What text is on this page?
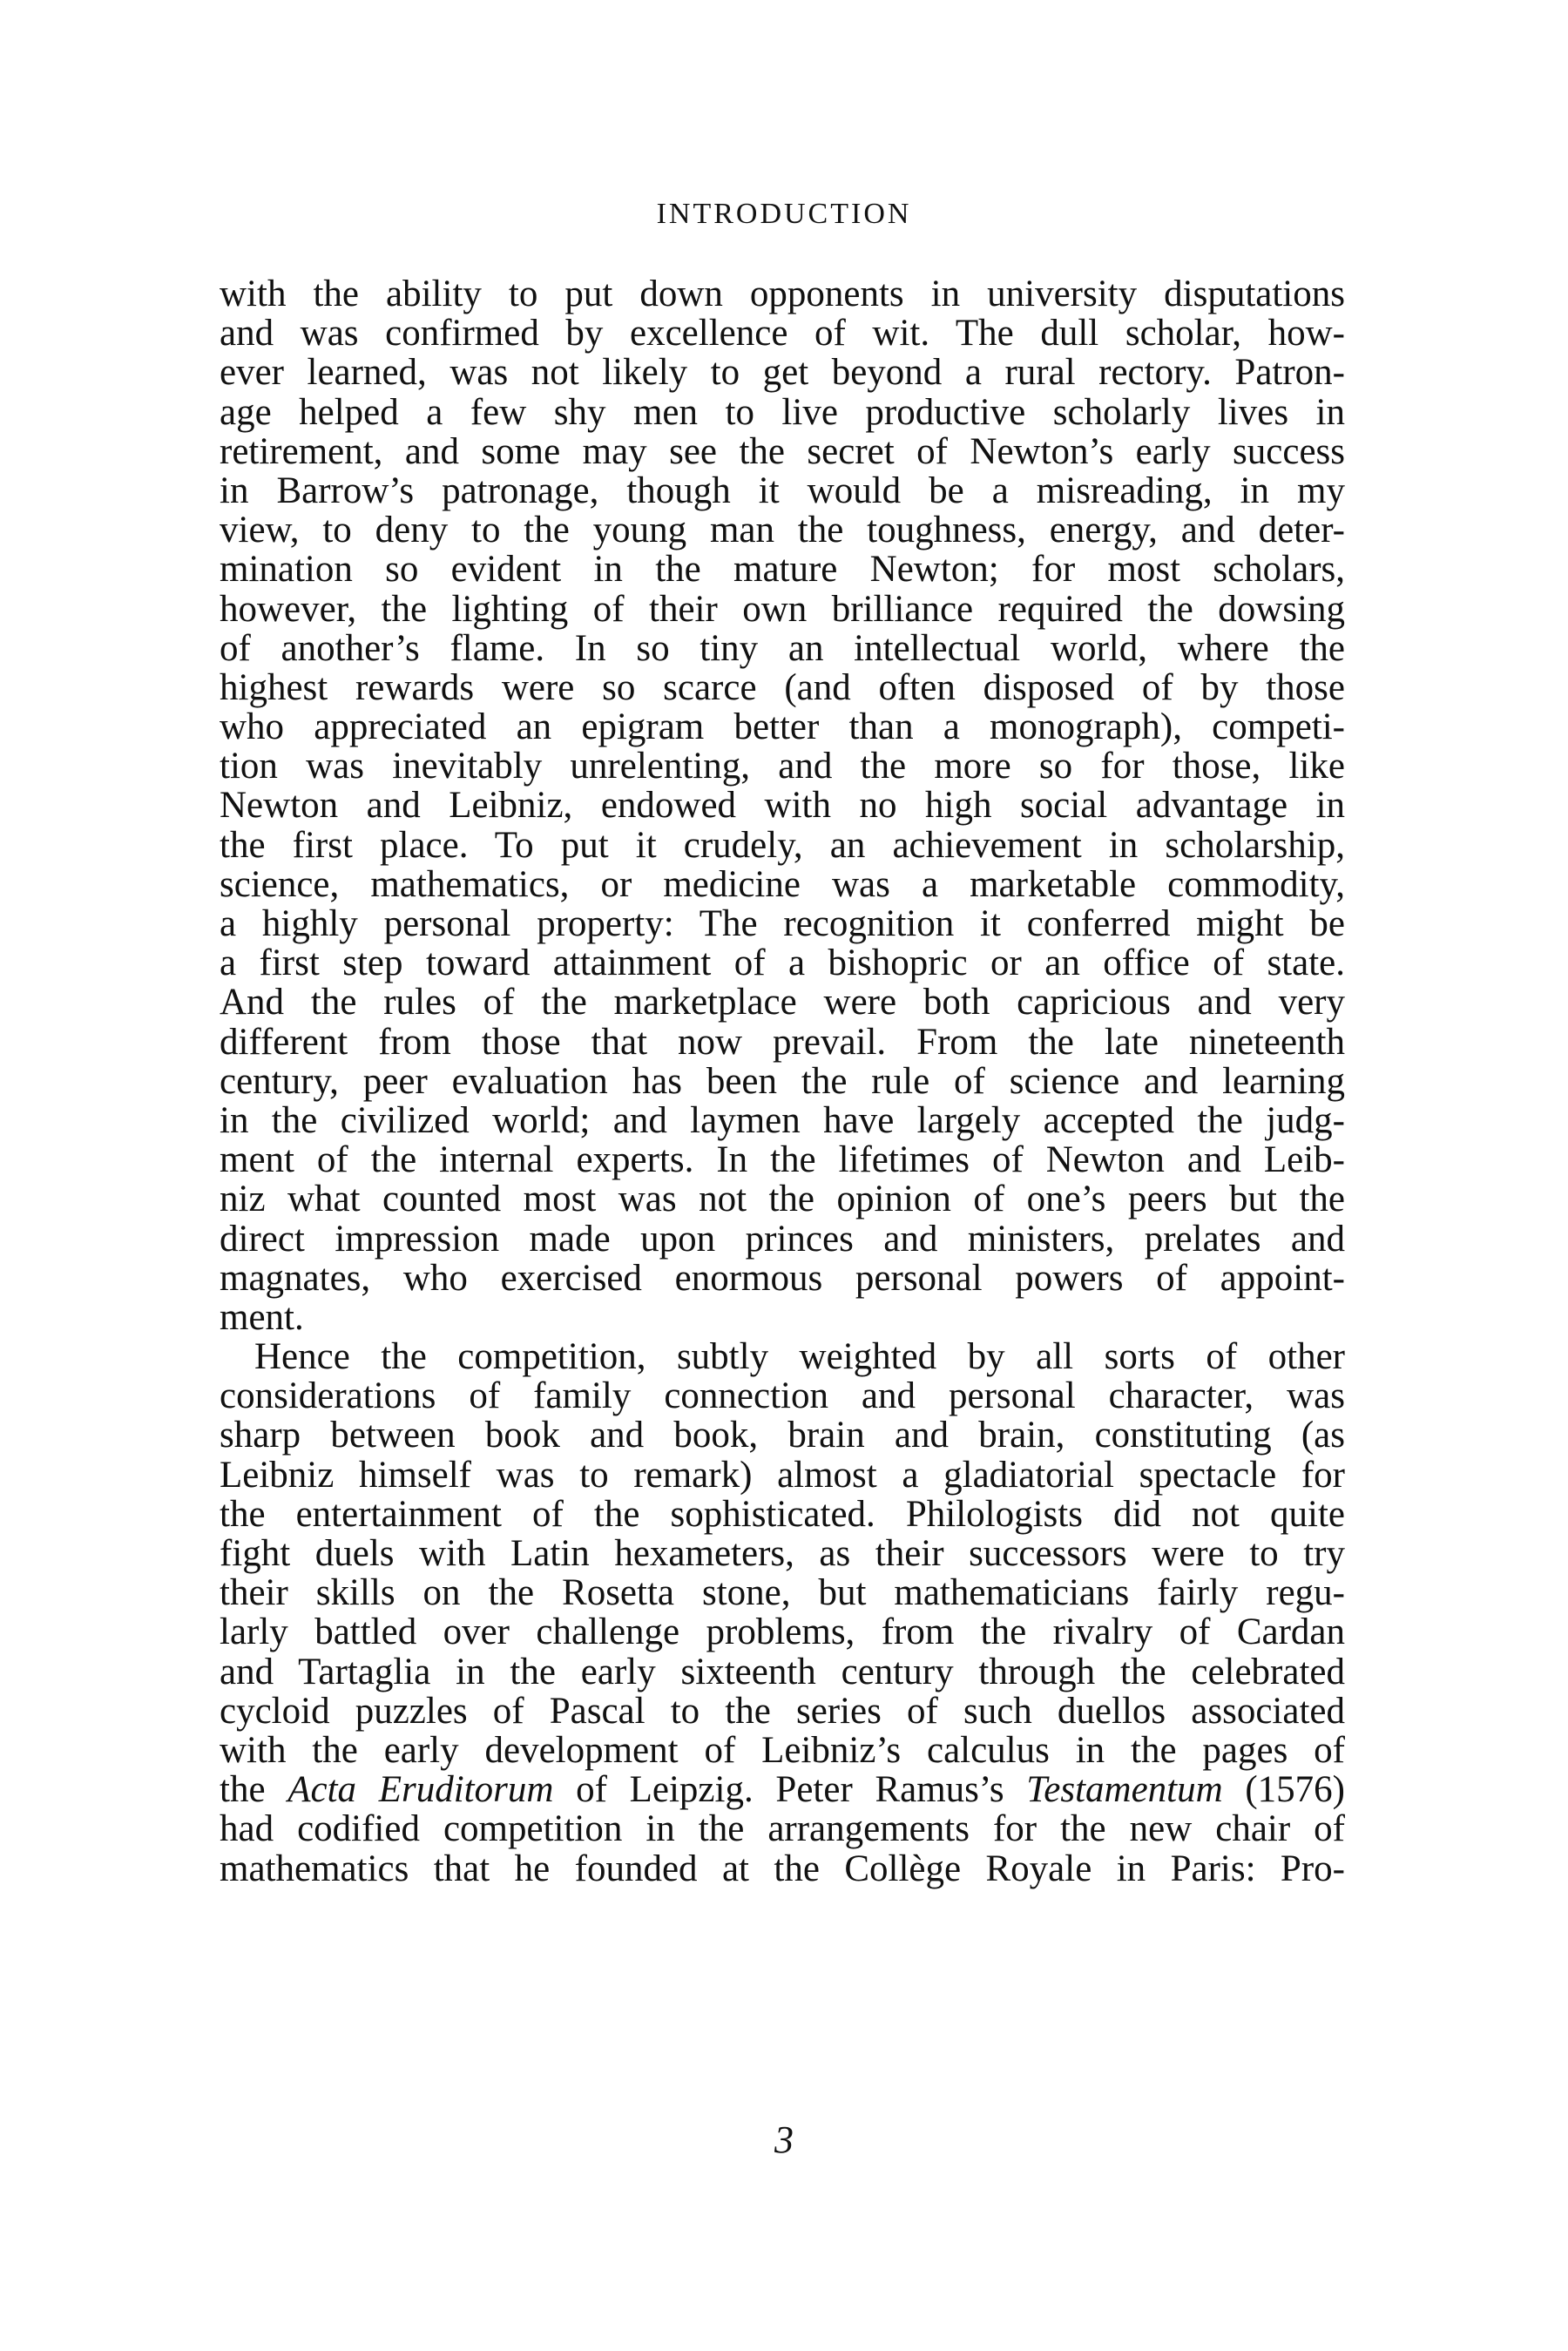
INTRODUCTION
with the ability to put down opponents in university disputations
and was confirmed by excellence of wit. The dull scholar, how-
ever learned, was not likely to get beyond a rural rectory. Patron-
age helped a few shy men to live productive scholarly lives in
retirement, and some may see the secret of Newton’s early success
in Barrow’s patronage, though it would be a misreading, in my
view, to deny to the young man the toughness, energy, and deter-
mination so evident in the mature Newton; for most scholars,
however, the lighting of their own brilliance required the dowsing
of another’s flame. In so tiny an intellectual world, where the
highest rewards were so scarce (and often disposed of by those
who appreciated an epigram better than a monograph), competi-
tion was inevitably unrelenting, and the more so for those, like
Newton and Leibniz, endowed with no high social advantage in
the first place. To put it crudely, an achievement in scholarship,
science, mathematics, or medicine was a marketable commodity,
a highly personal property: The recognition it conferred might be
a first step toward attainment of a bishopric or an office of state.
And the rules of the marketplace were both capricious and very
different from those that now prevail. From the late nineteenth
century, peer evaluation has been the rule of science and learning
in the civilized world; and laymen have largely accepted the judg-
ment of the internal experts. In the lifetimes of Newton and Leib-
niz what counted most was not the opinion of one’s peers but the
direct impression made upon princes and ministers, prelates and
magnates, who exercised enormous personal powers of appoint-
ment.
Hence the competition, subtly weighted by all sorts of other
considerations of family connection and personal character, was
sharp between book and book, brain and brain, constituting (as
Leibniz himself was to remark) almost a gladiatorial spectacle for
the entertainment of the sophisticated. Philologists did not quite
fight duels with Latin hexameters, as their successors were to try
their skills on the Rosetta stone, but mathematicians fairly regu-
larly battled over challenge problems, from the rivalry of Cardan
and Tartaglia in the early sixteenth century through the celebrated
cycloid puzzles of Pascal to the series of such duellos associated
with the early development of Leibniz’s calculus in the pages of
the Acta Eruditorum of Leipzig. Peter Ramus’s Testamentum (1576)
had codified competition in the arrangements for the new chair of
mathematics that he founded at the Collège Royale in Paris: Pro-
3
